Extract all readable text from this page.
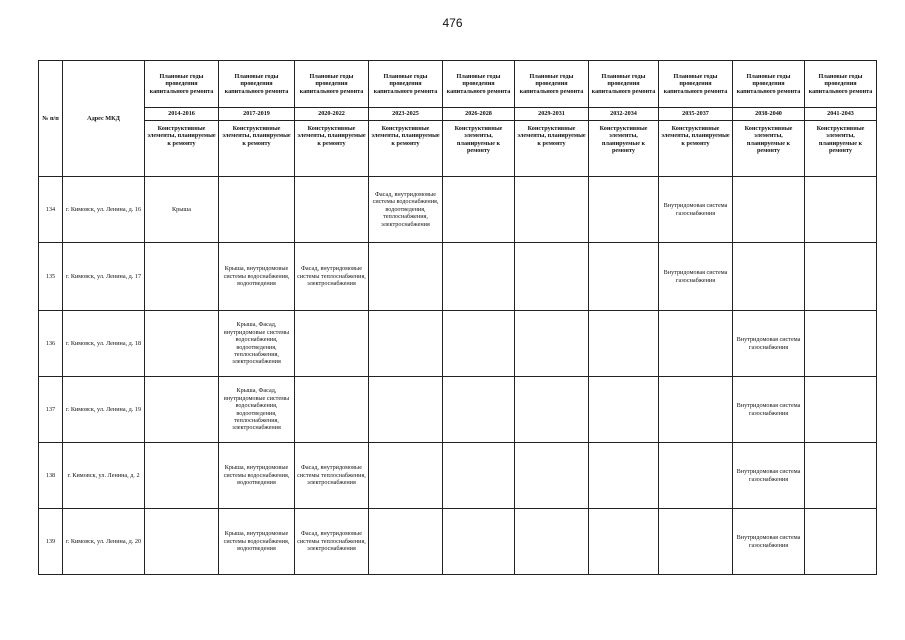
476
№ п/п	Адрес МКД	Плановые годы проведения капитального ремонта	Плановые годы проведения капитального ремонта	Плановые годы проведения капитального ремонта	Плановые годы проведения капитального ремонта	Плановые годы проведения капитального ремонта	Плановые годы проведения капитального ремонта	Плановые годы проведения капитального ремонта	Плановые годы проведения капитального ремонта	Плановые годы проведения капитального ремонта	Плановые годы проведения капитального ремонта
		2014-2016	2017-2019	2020-2022	2023-2025	2026-2028	2029-2031	2032-2034	2035-2037	2038-2040	2041-2043
		Конструктивные элементы, планируемые к ремонту	Конструктивные элементы, планируемые к ремонту	Конструктивные элементы, планируемые к ремонту	Конструктивные элементы, планируемые к ремонту	Конструктивные элементы, планируемые к ремонту	Конструктивные элементы, планируемые к ремонту	Конструктивные элементы, планируемые к ремонту	Конструктивные элементы, планируемые к ремонту	Конструктивные элементы, планируемые к ремонту	Конструктивные элементы, планируемые к ремонту
134	г. Кимовск, ул. Ленина, д. 16	Крыша			Фасад, внутридомовые системы водоснабжения, водоотведения, теплоснабжения, электроснабжения				Внутридомовая система газоснабжения		
135	г. Кимовск, ул. Ленина, д. 17		Крыша, внутридомовые системы водоснабжения, водоотведения	Фасад, внутридомовые системы теплоснабжения, электроснабжения					Внутридомовая система газоснабжения		
136	г. Кимовск, ул. Ленина, д. 18		Крыша, Фасад, внутридомовые системы водоснабжения, водоотведения, теплоснабжения, электроснабжения							Внутридомовая система газоснабжения	
137	г. Кимовск, ул. Ленина, д. 19		Крыша, Фасад, внутридомовые системы водоснабжения, водоотведения, теплоснабжения, электроснабжения							Внутридомовая система газоснабжения	
138	г. Кимовск, ул. Ленина, д. 2		Крыша, внутридомовые системы водоснабжения, водоотведения	Фасад, внутридомовые системы теплоснабжения, электроснабжения						Внутридомовая система газоснабжения	
139	г. Кимовск, ул. Ленина, д. 20		Крыша, внутридомовые системы водоснабжения, водоотведения	Фасад, внутридомовые системы теплоснабжения, электроснабжения						Внутридомовая система газоснабжения	
